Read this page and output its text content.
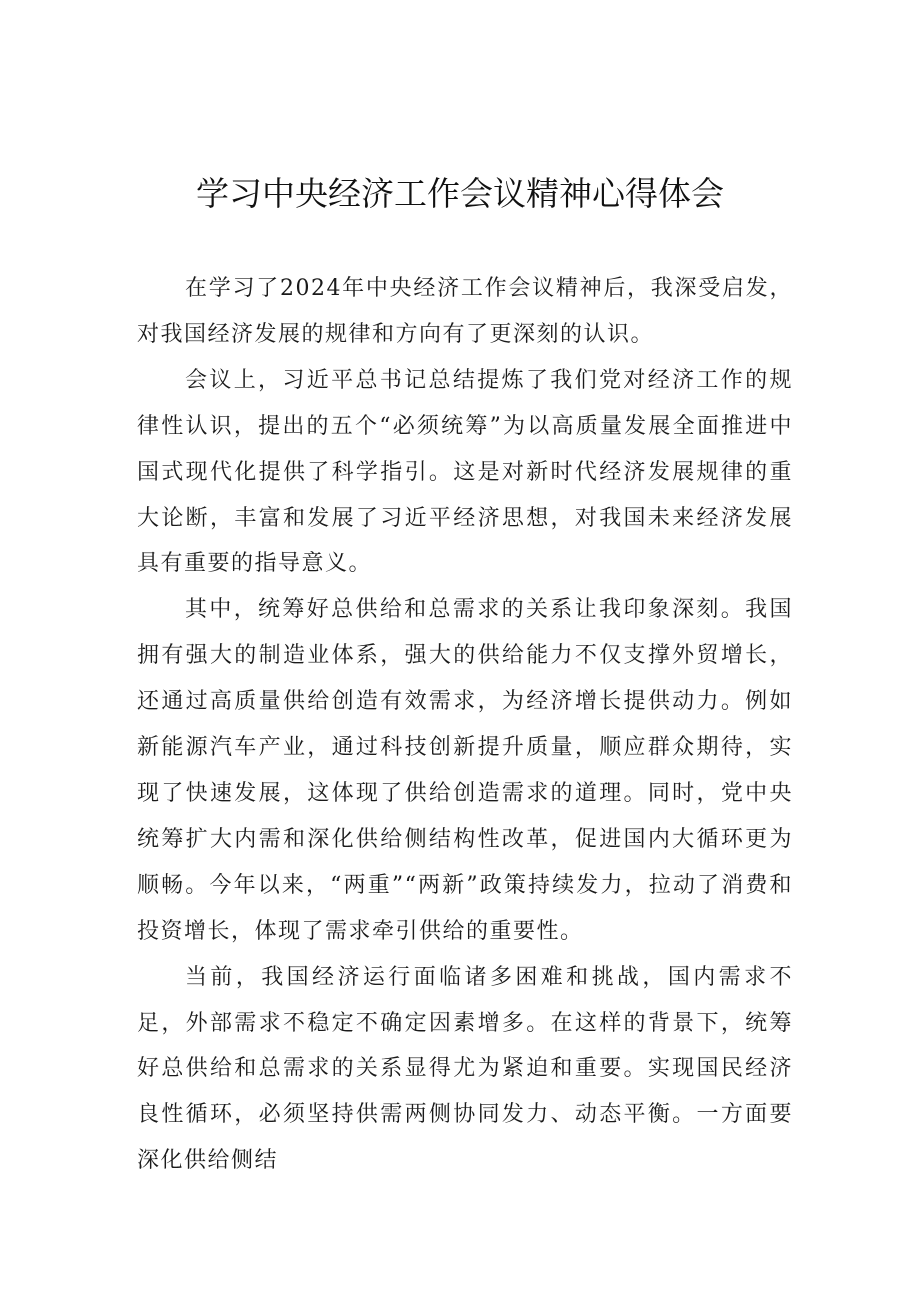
学习中央经济工作会议精神心得体会

在学习了2024年中央经济工作会议精神后，我深受启发，对我国经济发展的规律和方向有了更深刻的认识。

会议上，习近平总书记总结提炼了我们党对经济工作的规律性认识，提出的五个“必须统筹”为以高质量发展全面推进中国式现代化提供了科学指引。这是对新时代经济发展规律的重大论断，丰富和发展了习近平经济思想，对我国未来经济发展具有重要的指导意义。

其中，统筹好总供给和总需求的关系让我印象深刻。我国拥有强大的制造业体系，强大的供给能力不仅支撑外贸增长，还通过高质量供给创造有效需求，为经济增长提供动力。例如新能源汽车产业，通过科技创新提升质量，顺应群众期待，实现了快速发展，这体现了供给创造需求的道理。同时，党中央统筹扩大内需和深化供给侧结构性改革，促进国内大循环更为顺畅。今年以来，“两重”“两新”政策持续发力，拉动了消费和投资增长，体现了需求牵引供给的重要性。

当前，我国经济运行面临诸多困难和挑战，国内需求不足，外部需求不稳定不确定因素增多。在这样的背景下，统筹好总供给和总需求的关系显得尤为紧迫和重要。实现国民经济良性循环，必须坚持供需两侧协同发力、动态平衡。一方面要深化供给侧结
